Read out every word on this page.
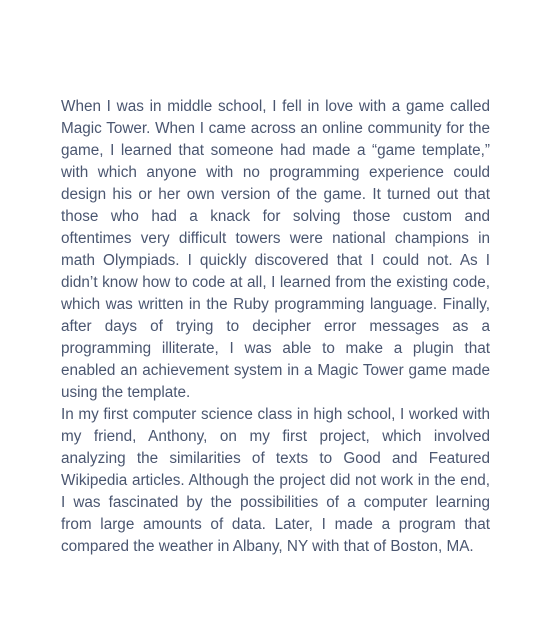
When I was in middle school, I fell in love with a game called Magic Tower. When I came across an online community for the game, I learned that someone had made a “game template,” with which anyone with no programming experience could design his or her own version of the game. It turned out that those who had a knack for solving those custom and oftentimes very difficult towers were national champions in math Olympiads. I quickly discovered that I could not. As I didn’t know how to code at all, I learned from the existing code, which was written in the Ruby programming language. Finally, after days of trying to decipher error messages as a programming illiterate, I was able to make a plugin that enabled an achievement system in a Magic Tower game made using the template.

In my first computer science class in high school, I worked with my friend, Anthony, on my first project, which involved analyzing the similarities of texts to Good and Featured Wikipedia articles. Although the project did not work in the end, I was fascinated by the possibilities of a computer learning from large amounts of data. Later, I made a program that compared the weather in Albany, NY with that of Boston, MA.
